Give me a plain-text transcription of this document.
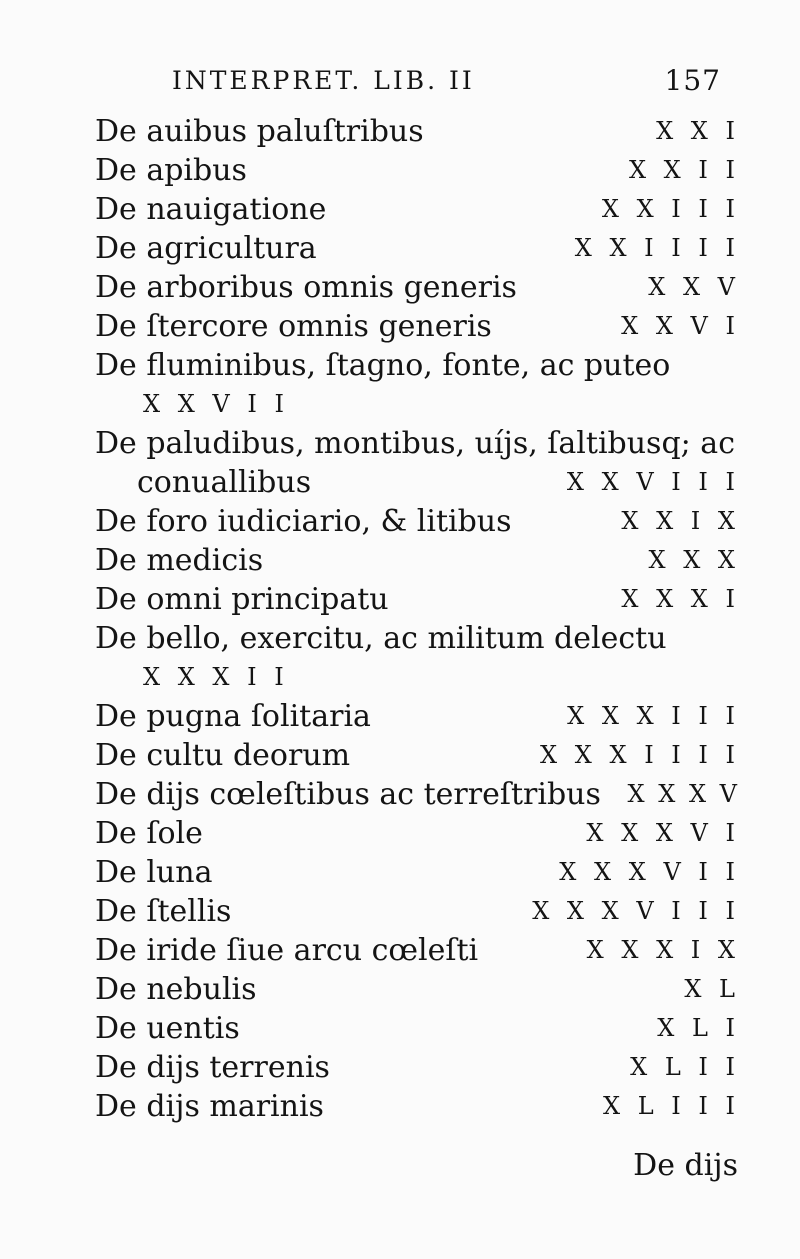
INTERPRET. LIB. II	157
De auibus paluſtribus	X X I
De apibus	X X I I
De nauigatione	X X I I I
De agricultura	X X I I I I
De arboribus omnis generis	X X V
De ſtercore omnis generis	X X V I
De fluminibus, ſtagno, fonte, ac puteo
X X V I I
De paludibus, montibus, uíjs, ſaltibusq; ac
conuallibus	X X V I I I
De foro iudiciario, & litibus	X X I X
De medicis	X X X
De omni principatu	X X X I
De bello, exercitu, ac militum delectu
X X X I I
De pugna ſolitaria	X X X I I I
De cultu deorum	X X X I I I I
De dijs cœleſtibus ac terreſtribus X X X V
De ſole	X X X V I
De luna	X X X V I I
De ſtellis	X X X V I I I
De iride ſiue arcu cœleſti	X X X I X
De nebulis	X L
De uentis	X L I
De dijs terrenis	X L I I
De dijs marinis	X L I I I
De dijs
